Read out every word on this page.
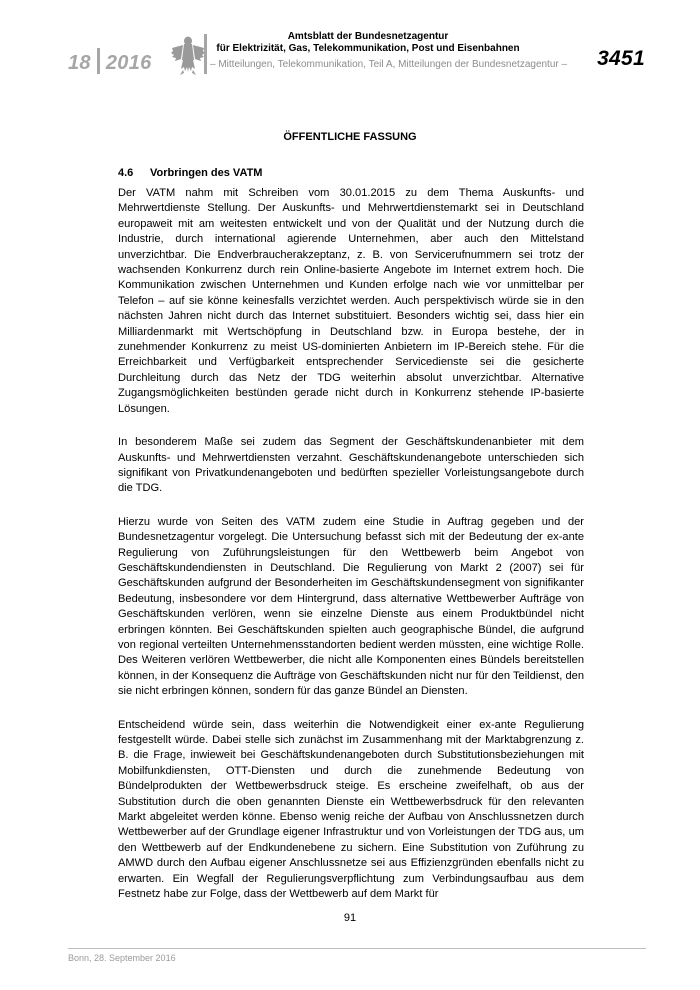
18 2016
Amtsblatt der Bundesnetzagentur
für Elektrizität, Gas, Telekommunikation, Post und Eisenbahnen
– Mitteilungen, Telekommunikation, Teil A, Mitteilungen der Bundesnetzagentur – 3451
ÖFFENTLICHE FASSUNG
4.6 Vorbringen des VATM

Der VATM nahm mit Schreiben vom 30.01.2015 zu dem Thema Auskunfts- und Mehrwertdienste Stellung. Der Auskunfts- und Mehrwertdienstemarkt sei in Deutschland europaweit mit am weitesten entwickelt und von der Qualität und der Nutzung durch die Industrie, durch international agierende Unternehmen, aber auch den Mittelstand unverzichtbar. Die Endverbraucherakzeptanz, z. B. von Servicerufnummern sei trotz der wachsenden Konkurrenz durch rein Online-basierte Angebote im Internet extrem hoch. Die Kommunikation zwischen Unternehmen und Kunden erfolge nach wie vor unmittelbar per Telefon – auf sie könne keinesfalls verzichtet werden. Auch perspektivisch würde sie in den nächsten Jahren nicht durch das Internet substituiert. Besonders wichtig sei, dass hier ein Milliardenmarkt mit Wertschöpfung in Deutschland bzw. in Europa bestehe, der in zunehmender Konkurrenz zu meist US-dominierten Anbietern im IP-Bereich stehe. Für die Erreichbarkeit und Verfügbarkeit entsprechender Servicedienste sei die gesicherte Durchleitung durch das Netz der TDG weiterhin absolut unverzichtbar. Alternative Zugangsmöglichkeiten bestünden gerade nicht durch in Konkurrenz stehende IP-basierte Lösungen.

In besonderem Maße sei zudem das Segment der Geschäftskundenanbieter mit dem Auskunfts- und Mehrwertdiensten verzahnt. Geschäftskundenangebote unterschieden sich signifikant von Privatkundenangeboten und bedürften spezieller Vorleistungsangebote durch die TDG.

Hierzu wurde von Seiten des VATM zudem eine Studie in Auftrag gegeben und der Bundesnetzagentur vorgelegt. Die Untersuchung befasst sich mit der Bedeutung der ex-ante Regulierung von Zuführungsleistungen für den Wettbewerb beim Angebot von Geschäftskundendiensten in Deutschland. Die Regulierung von Markt 2 (2007) sei für Geschäftskunden aufgrund der Besonderheiten im Geschäftskundensegment von signifikanter Bedeutung, insbesondere vor dem Hintergrund, dass alternative Wettbewerber Aufträge von Geschäftskunden verlören, wenn sie einzelne Dienste aus einem Produktbündel nicht erbringen könnten. Bei Geschäftskunden spielten auch geographische Bündel, die aufgrund von regional verteilten Unternehmensstandorten bedient werden müssten, eine wichtige Rolle. Des Weiteren verlören Wettbewerber, die nicht alle Komponenten eines Bündels bereitstellen können, in der Konsequenz die Aufträge von Geschäftskunden nicht nur für den Teildienst, den sie nicht erbringen können, sondern für das ganze Bündel an Diensten.

Entscheidend würde sein, dass weiterhin die Notwendigkeit einer ex-ante Regulierung festgestellt würde. Dabei stelle sich zunächst im Zusammenhang mit der Marktabgrenzung z. B. die Frage, inwieweit bei Geschäftskundenangeboten durch Substitutionsbeziehungen mit Mobilfunkdiensten, OTT-Diensten und durch die zunehmende Bedeutung von Bündelprodukten der Wettbewerbsdruck steige. Es erscheine zweifelhaft, ob aus der Substitution durch die oben genannten Dienste ein Wettbewerbsdruck für den relevanten Markt abgeleitet werden könne. Ebenso wenig reiche der Aufbau von Anschlussnetzen durch Wettbewerber auf der Grundlage eigener Infrastruktur und von Vorleistungen der TDG aus, um den Wettbewerb auf der Endkundenebene zu sichern. Eine Substitution von Zuführung zu AMWD durch den Aufbau eigener Anschlussnetze sei aus Effizienzgründen ebenfalls nicht zu erwarten. Ein Wegfall der Regulierungsverpflichtung zum Verbindungsaufbau aus dem Festnetz habe zur Folge, dass der Wettbewerb auf dem Markt für

91
Bonn, 28. September 2016
